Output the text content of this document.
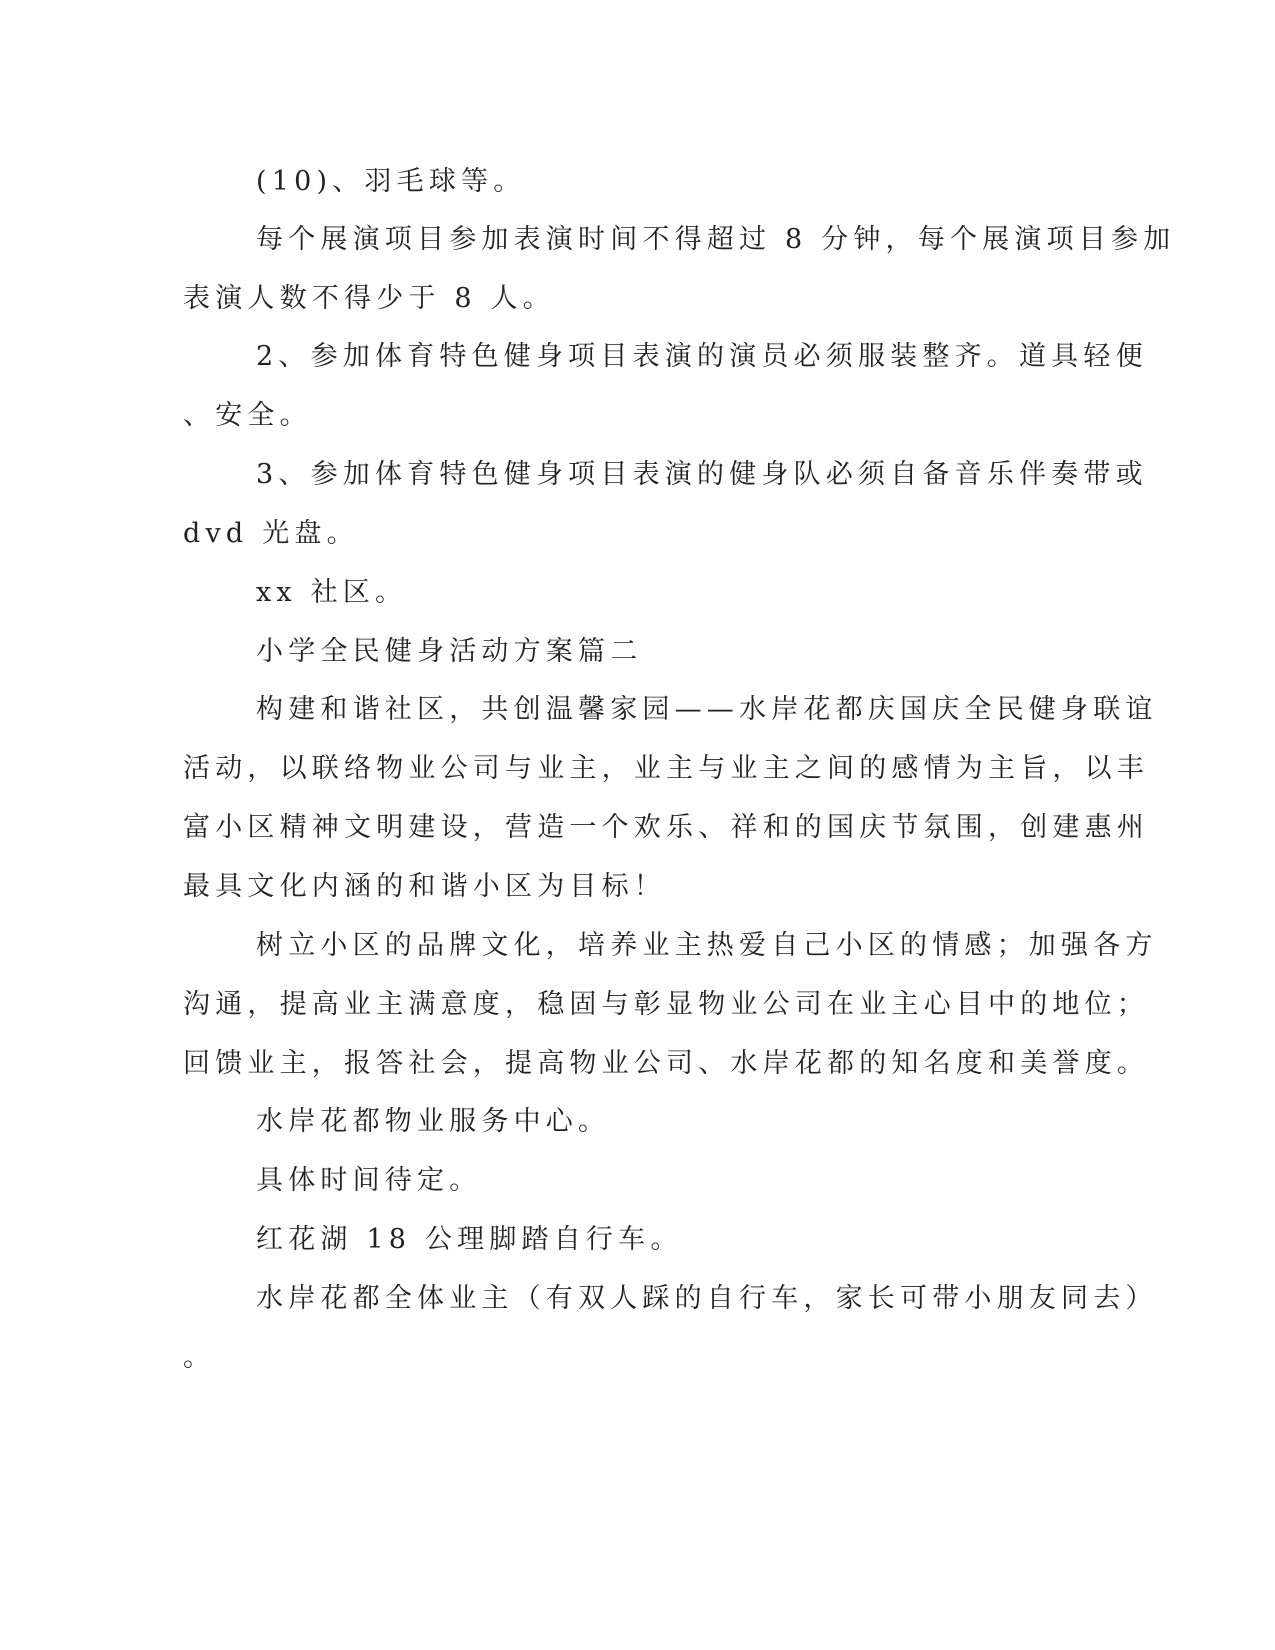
(10)、羽毛球等。
每个展演项目参加表演时间不得超过 8 分钟，每个展演项目参加
表演人数不得少于 8 人。
2、参加体育特色健身项目表演的演员必须服装整齐。道具轻便
、安全。
3、参加体育特色健身项目表演的健身队必须自备音乐伴奏带或
dvd 光盘。
xx 社区。
小学全民健身活动方案篇二
构建和谐社区，共创温馨家园——水岸花都庆国庆全民健身联谊
活动，以联络物业公司与业主，业主与业主之间的感情为主旨，以丰
富小区精神文明建设，营造一个欢乐、祥和的国庆节氛围，创建惠州
最具文化内涵的和谐小区为目标！
树立小区的品牌文化，培养业主热爱自己小区的情感；加强各方
沟通，提高业主满意度，稳固与彰显物业公司在业主心目中的地位；
回馈业主，报答社会，提高物业公司、水岸花都的知名度和美誉度。
水岸花都物业服务中心。
具体时间待定。
红花湖 18 公理脚踏自行车。
水岸花都全体业主（有双人踩的自行车，家长可带小朋友同去）
。
